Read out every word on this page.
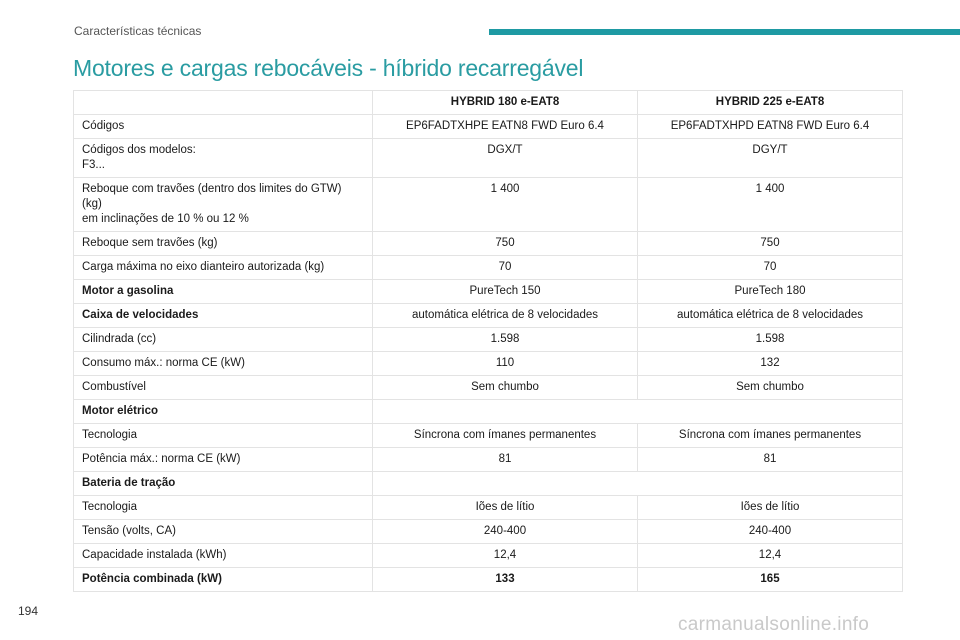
Características técnicas
Motores e cargas rebocáveis - híbrido recarregável
	HYBRID 180 e-EAT8	HYBRID 225 e-EAT8
Códigos	EP6FADTXHPE EATN8 FWD Euro 6.4	EP6FADTXHPD EATN8 FWD Euro 6.4

Códigos dos modelos:
F3...	DGX/T	DGY/T

Reboque com travões (dentro dos limites do GTW) (kg)
em inclinações de 10 % ou 12 %	1 400	1 400
Reboque sem travões (kg)	750	750
Carga máxima no eixo dianteiro autorizada (kg)	70	70
Motor a gasolina	PureTech 150	PureTech 180
Caixa de velocidades	automática elétrica de 8 velocidades	automática elétrica de 8 velocidades
Cilindrada (cc)	1.598	1.598
Consumo máx.: norma CE (kW)	110	132
Combustível	Sem chumbo	Sem chumbo
Motor elétrico		
Tecnologia	Síncrona com ímanes permanentes	Síncrona com ímanes permanentes
Potência máx.: norma CE (kW)	81	81
Bateria de tração		
Tecnologia	Iões de lítio	Iões de lítio
Tensão (volts, CA)	240-400	240-400
Capacidade instalada (kWh)	12,4	12,4
Potência combinada (kW)	133	165
194
carmanualsonline.info
